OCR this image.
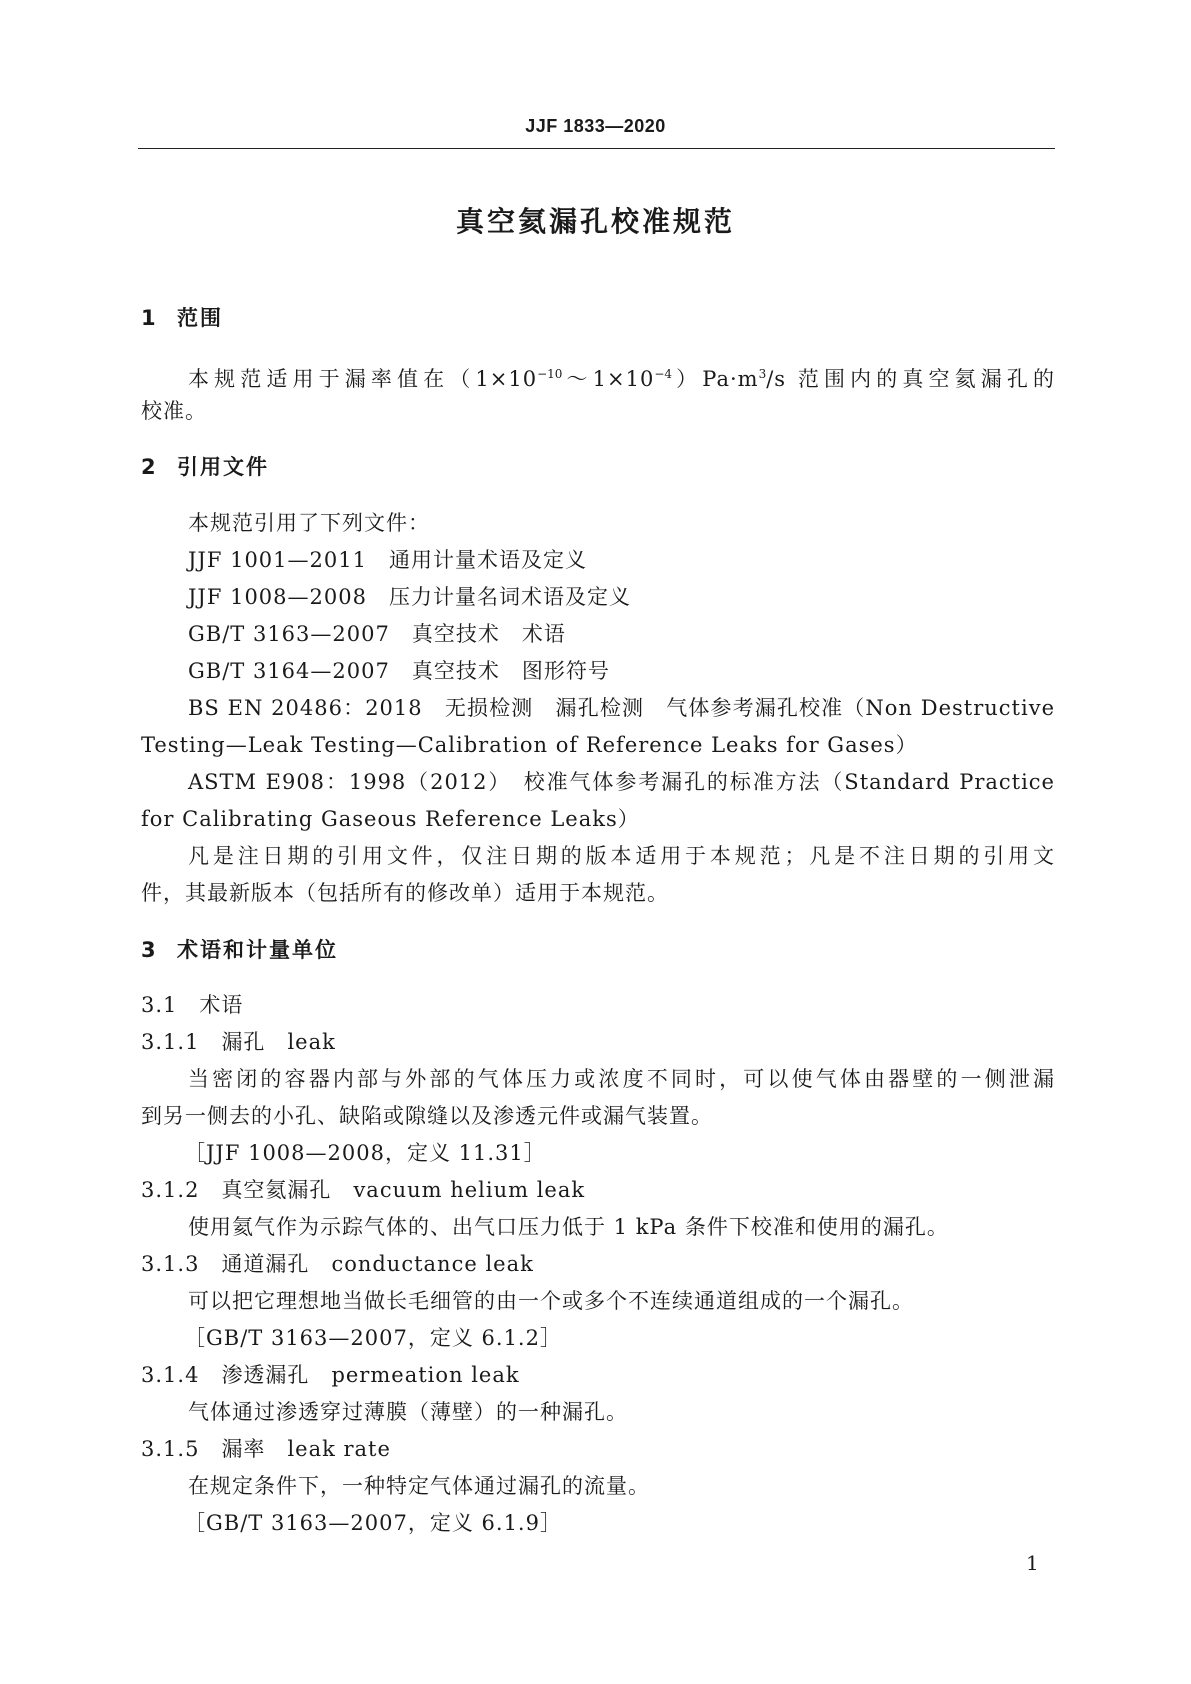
JJF 1833—2020
真空氦漏孔校准规范
1 范围
本规范适用于漏率值在$(1\times 10^{-10}\sim 1\times 10^{-4})Pa\cdot m^3/s$ 范围内的真空氦漏孔的
校准。
2 引用文件
本规范引用了下列文件：
JJF 1001—2011 通用计量术语及定义
JJF 1008—2008 压力计量名词术语及定义
GB/T 3163—2007 真空技术　术语
GB/T 3164—2007 真空技术　图形符号
BS EN 20486：2018　无损检测　漏孔检测　气体参考漏孔校准（Non Destructive
Testing—Leak Testing—Calibration of Reference Leaks for Gases）
ASTM E908：1998（2012）　校准气体参考漏孔的标准方法（Standard Practice
for Calibrating Gaseous Reference Leaks）
凡是注日期的引用文件，仅注日期的版本适用于本规范；凡是不注日期的引用文
件，其最新版本（包括所有的修改单）适用于本规范。
3 术语和计量单位
3.1 术语
3.1.1 漏孔 leak
当密闭的容器内部与外部的气体压力或浓度不同时，可以使气体由器壁的一侧泄漏
到另一侧去的小孔、缺陷或隙缝以及渗透元件或漏气装置。
［JJF 1008—2008，定义 11.31］
3.1.2 真空氦漏孔 vacuum helium leak
使用氦气作为示踪气体的、出气口压力低于 1 kPa 条件下校准和使用的漏孔。
3.1.3 通道漏孔 conductance leak
可以把它理想地当做长毛细管的由一个或多个不连续通道组成的一个漏孔。
［GB/T 3163—2007，定义 6.1.2］
3.1.4 渗透漏孔 permeation leak
气体通过渗透穿过薄膜（薄壁）的一种漏孔。
3.1.5 漏率 leak rate
在规定条件下，一种特定气体通过漏孔的流量。
［GB/T 3163—2007，定义 6.1.9］
1
